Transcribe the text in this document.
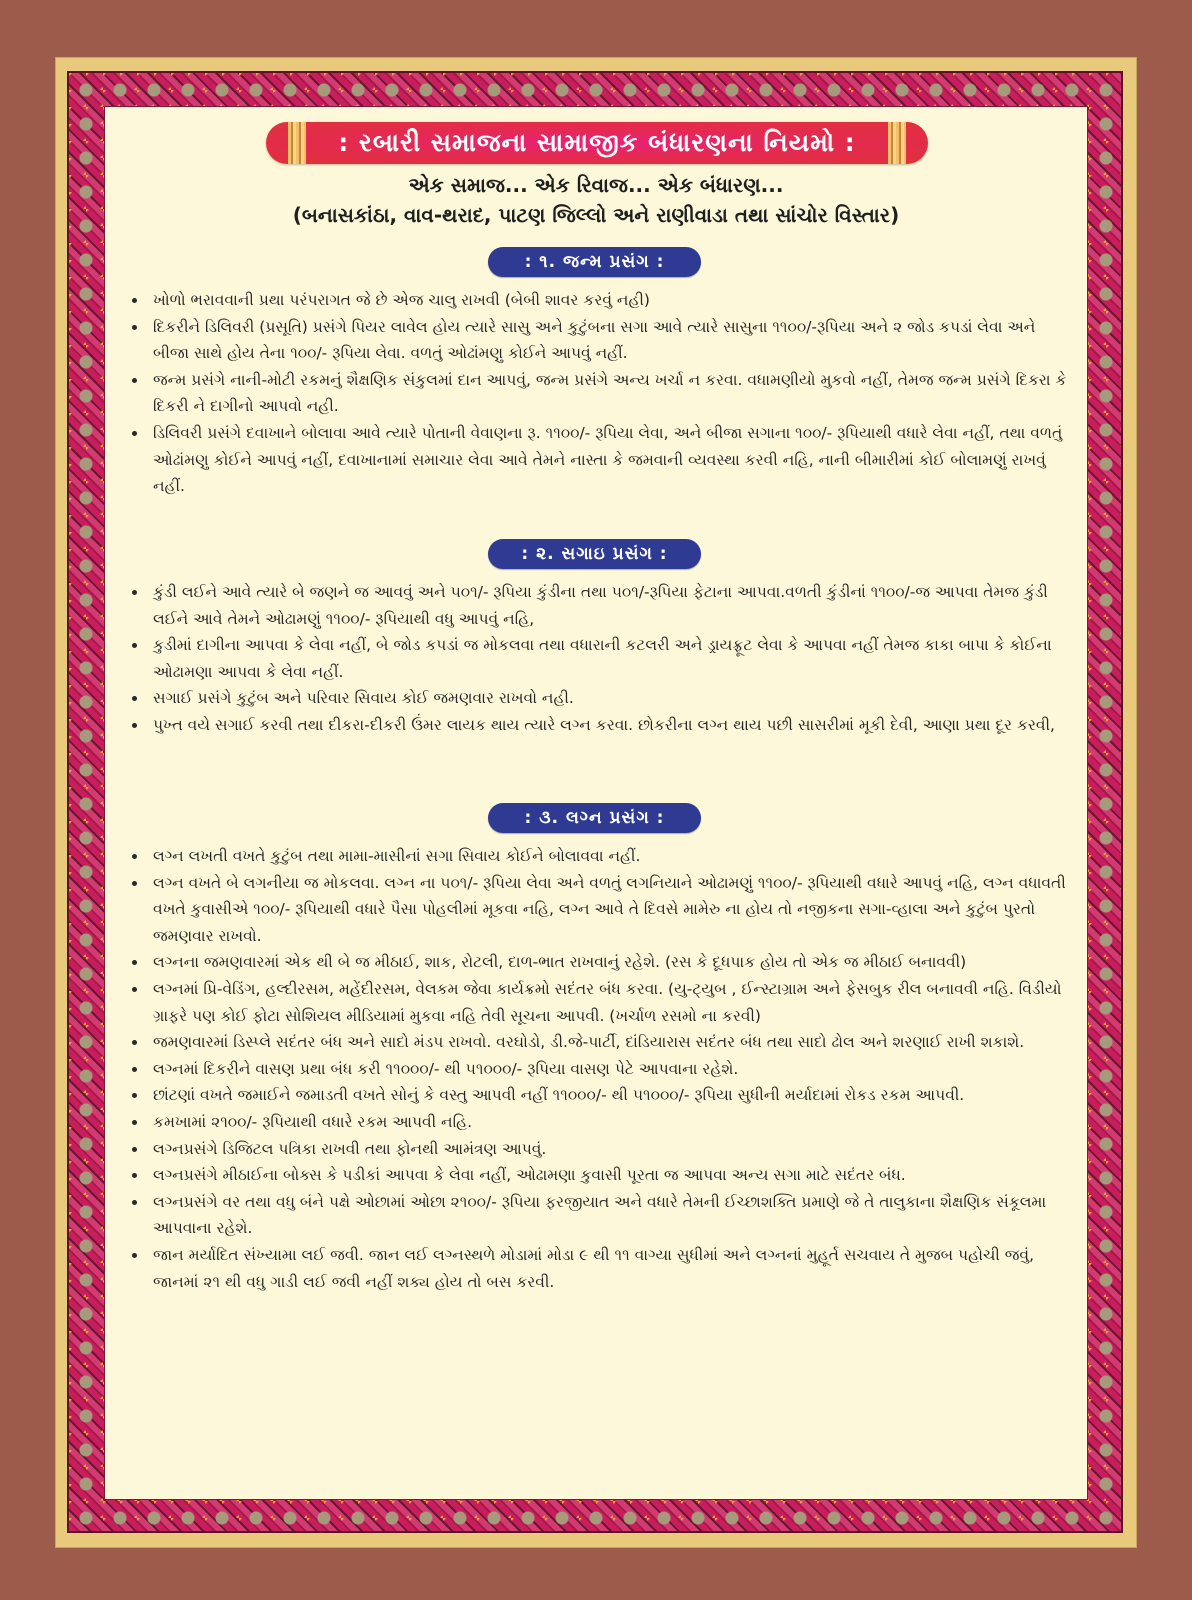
: રબારી સમાજના સામાજીક બંધારણના નિયમો :
એક સમાજ... એક રિવાજ... એક બંધારણ...
(બનાસકાંઠા, વાવ-થરાદ, પાટણ જિલ્લો અને રાણીવાડા તથા સાંચોર વિસ્તાર)
: ૧. જન્મ પ્રસંગ :
ખોળો ભરાવવાની પ્રથા પરંપરાગત જે છે એજ ચાલુ રાખવી (બેબી શાવર કરવું નહી)
દિકરીને ડિલિવરી (પ્રસૂતિ) પ્રસંગે પિયર લાવેલ હોય ત્યારે સાસુ અને કુટુંબના સગા આવે ત્યારે સાસુના ૧૧૦૦/-રૂપિયા અને ૨ જોડ કપડાં લેવા અને બીજા સાથે હોય તેના ૧૦૦/- રૂપિયા લેવા. વળતું ઓઢાંમણુ કોઈને આપવું નહીં.
જન્મ પ્રસંગે નાની-મોટી રકમનું શૈક્ષણિક સંકુલમાં દાન આપવું, જન્મ પ્રસંગે અન્ય ખર્ચા ન કરવા. વધામણીયો મુકવો નહીં, તેમજ જન્મ પ્રસંગે દિકરા કે દિકરી ને દાગીનો આપવો નહી.
ડિલિવરી પ્રસંગે દવાખાને બોલાવા આવે ત્યારે પોતાની વેવાણના રૂ. ૧૧૦૦/- રૂપિયા લેવા, અને બીજા સગાના ૧૦૦/- રૂપિયાથી વધારે લેવા નહીં, તથા વળતું ઓઢાંમણુ કોઈને આપવું નહીં, દવાખાનામાં સમાચાર લેવા આવે તેમને નાસ્તા કે જમવાની વ્યવસ્થા કરવી નહિ, નાની બીમારીમાં કોઈ બોલામણું રાખવું નહીં.
: ૨. સગાઇ પ્રસંગ :
કુંડી લઈને આવે ત્યારે બે જણને જ આવવું અને ૫૦૧/- રૂપિયા કુંડીના તથા ૫૦૧/-રૂપિયા ફેટાના આપવા.વળતી કુંડીનાં ૧૧૦૦/-જ આપવા તેમજ કુંડી લઈને આવે તેમને ઓઢામણું ૧૧૦૦/- રૂપિયાથી વધુ આપવું નહિ,
કુડીમાં દાગીના આપવા કે લેવા નહીં, બે જોડ કપડાં જ મોકલવા તથા વધારાની કટલરી અને ડ્રાયફ્રૂટ લેવા કે આપવા નહીં તેમજ કાકા બાપા કે કોઈના ઓઢામણા આપવા કે લેવા નહીં.
સગાઈ પ્રસંગે કુટુંબ અને પરિવાર સિવાય કોઈ જમણવાર રાખવો નહી.
પુખ્ત વયે સગાઈ કરવી તથા દીકરા-દીકરી ઉંમર લાયક થાય ત્યારે લગ્ન કરવા. છોકરીના લગ્ન થાય પછી સાસરીમાં મૂકી દેવી, આણા પ્રથા દૂર કરવી,
: ૩. લગ્ન પ્રસંગ :
લગ્ન લખતી વખતે કુટુંબ તથા મામા-માસીનાં સગા સિવાય કોઈને બોલાવવા નહીં.
લગ્ન વખતે બે લગનીયા જ મોકલવા. લગ્ન ના ૫૦૧/- રૂપિયા લેવા અને વળતું લગનિયાને ઓઢામણું ૧૧૦૦/- રૂપિયાથી વધારે આપવું નહિ, લગ્ન વધાવતી વખતે કુવાસીએ ૧૦૦/- રૂપિયાથી વધારે પૈસા પોહલીમાં મૂકવા નહિ, લગ્ન આવે તે દિવસે મામેરુ ના હોય તો નજીકના સગા-વ્હાલા અને કુટુંબ પુરતો જમણવાર રાખવો.
લગ્નના જમણવારમાં એક થી બે જ મીઠાઈ, શાક, રોટલી, દાળ-ભાત રાખવાનું રહેશે. (રસ કે દૂધપાક હોય તો એક જ મીઠાઈ બનાવવી)
લગ્નમાં પ્રિ-વેડિંગ, હલ્દીરસમ, મહેંદીરસમ, વેલકમ જેવા કાર્યક્રમો સદંતર બંધ કરવા. (યુ-ટ્યુબ , ઈન્સ્ટાગ્રામ અને ફેસબુક રીલ બનાવવી નહિ. વિડીયો ગ્રાફરે પણ કોઈ ફોટા સોશિયલ મીડિયામાં મુકવા નહિ તેવી સૂચના આપવી. (ખર્ચાળ રસમો ના કરવી)
જમણવારમાં ડિસ્પ્લે સદંતર બંધ અને સાદો મંડપ રાખવો. વરઘોડો, ડી.જે-પાર્ટી, દાંડિયારાસ સદંતર બંધ તથા સાદો ઢોલ અને શરણાઈ રાખી શકાશે.
લગ્નમાં દિકરીને વાસણ પ્રથા બંધ કરી ૧૧૦૦૦/- થી ૫૧૦૦૦/- રૂપિયા વાસણ પેટે આપવાના રહેશે.
છાંટણાં વખતે જમાઈને જમાડતી વખતે સોનું કે વસ્તુ આપવી નહીં ૧૧૦૦૦/- થી ૫૧૦૦૦/- રૂપિયા સુધીની મર્યાદામાં રોકડ રકમ આપવી.
કમખામાં ૨૧૦૦/- રૂપિયાથી વધારે રકમ આપવી નહિ.
લગ્નપ્રસંગે ડિજિટલ પત્રિકા રાખવી તથા ફોનથી આમંત્રણ આપવું.
લગ્નપ્રસંગે મીઠાઈના બોક્સ કે પડીકાં આપવા કે લેવા નહીં, ઓઢામણા કુવાસી પૂરતા જ આપવા અન્ય સગા માટે સદંતર બંધ.
લગ્નપ્રસંગે વર તથા વધુ બંને પક્ષે ઓછામાં ઓછા ૨૧૦૦/- રૂપિયા ફરજીયાત અને વધારે તેમની ઈચ્છાશક્તિ પ્રમાણે જે તે તાલુકાના શૈક્ષણિક સંકૂલમા આપવાના રહેશે.
જાન મર્યાદિત સંખ્યામા લઈ જવી. જાન લઈ લગ્નસ્થળે મોડામાં મોડા ૯ થી ૧૧ વાગ્યા સુધીમાં અને લગ્નનાં મુહૂર્ત સચવાય તે મુજબ પહોચી જવું, જાનમાં ૨૧ થી વધુ ગાડી લઈ જવી નહીં શક્ય હોય તો બસ કરવી.
